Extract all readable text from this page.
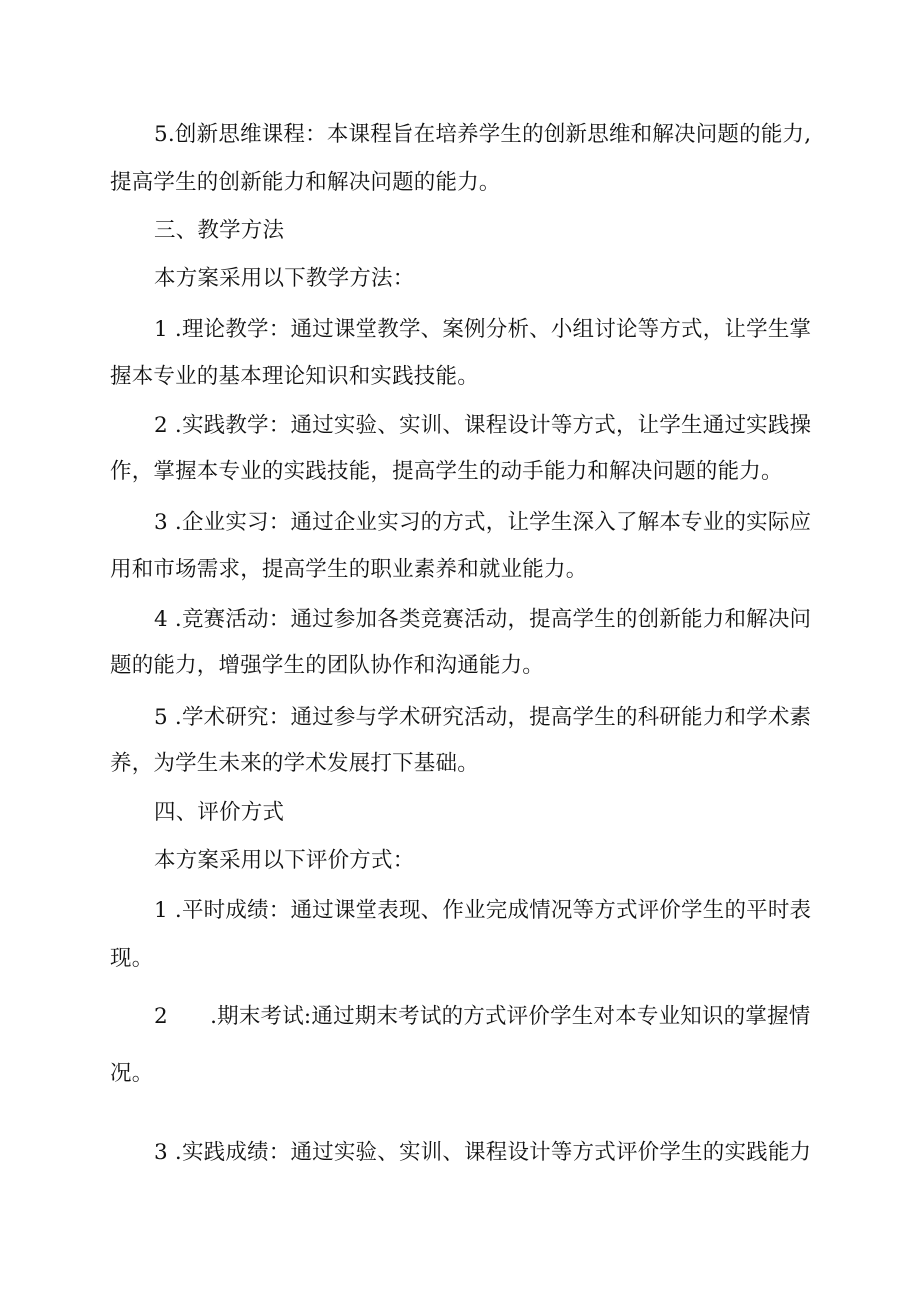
5.创新思维课程：本课程旨在培养学生的创新思维和解决问题的能力,
提高学生的创新能力和解决问题的能力。
三、教学方法
本方案采用以下教学方法：
1 .理论教学：通过课堂教学、案例分析、小组讨论等方式，让学生掌
握本专业的基本理论知识和实践技能。
2 .实践教学：通过实验、实训、课程设计等方式，让学生通过实践操
作，掌握本专业的实践技能，提高学生的动手能力和解决问题的能力。
3 .企业实习：通过企业实习的方式，让学生深入了解本专业的实际应
用和市场需求，提高学生的职业素养和就业能力。
4 .竞赛活动：通过参加各类竞赛活动，提高学生的创新能力和解决问
题的能力，增强学生的团队协作和沟通能力。
5 .学术研究：通过参与学术研究活动，提高学生的科研能力和学术素
养，为学生未来的学术发展打下基础。
四、评价方式
本方案采用以下评价方式：
1 .平时成绩：通过课堂表现、作业完成情况等方式评价学生的平时表
现。
2      .期末考试:通过期末考试的方式评价学生对本专业知识的掌握情
况。
3 .实践成绩：通过实验、实训、课程设计等方式评价学生的实践能力
